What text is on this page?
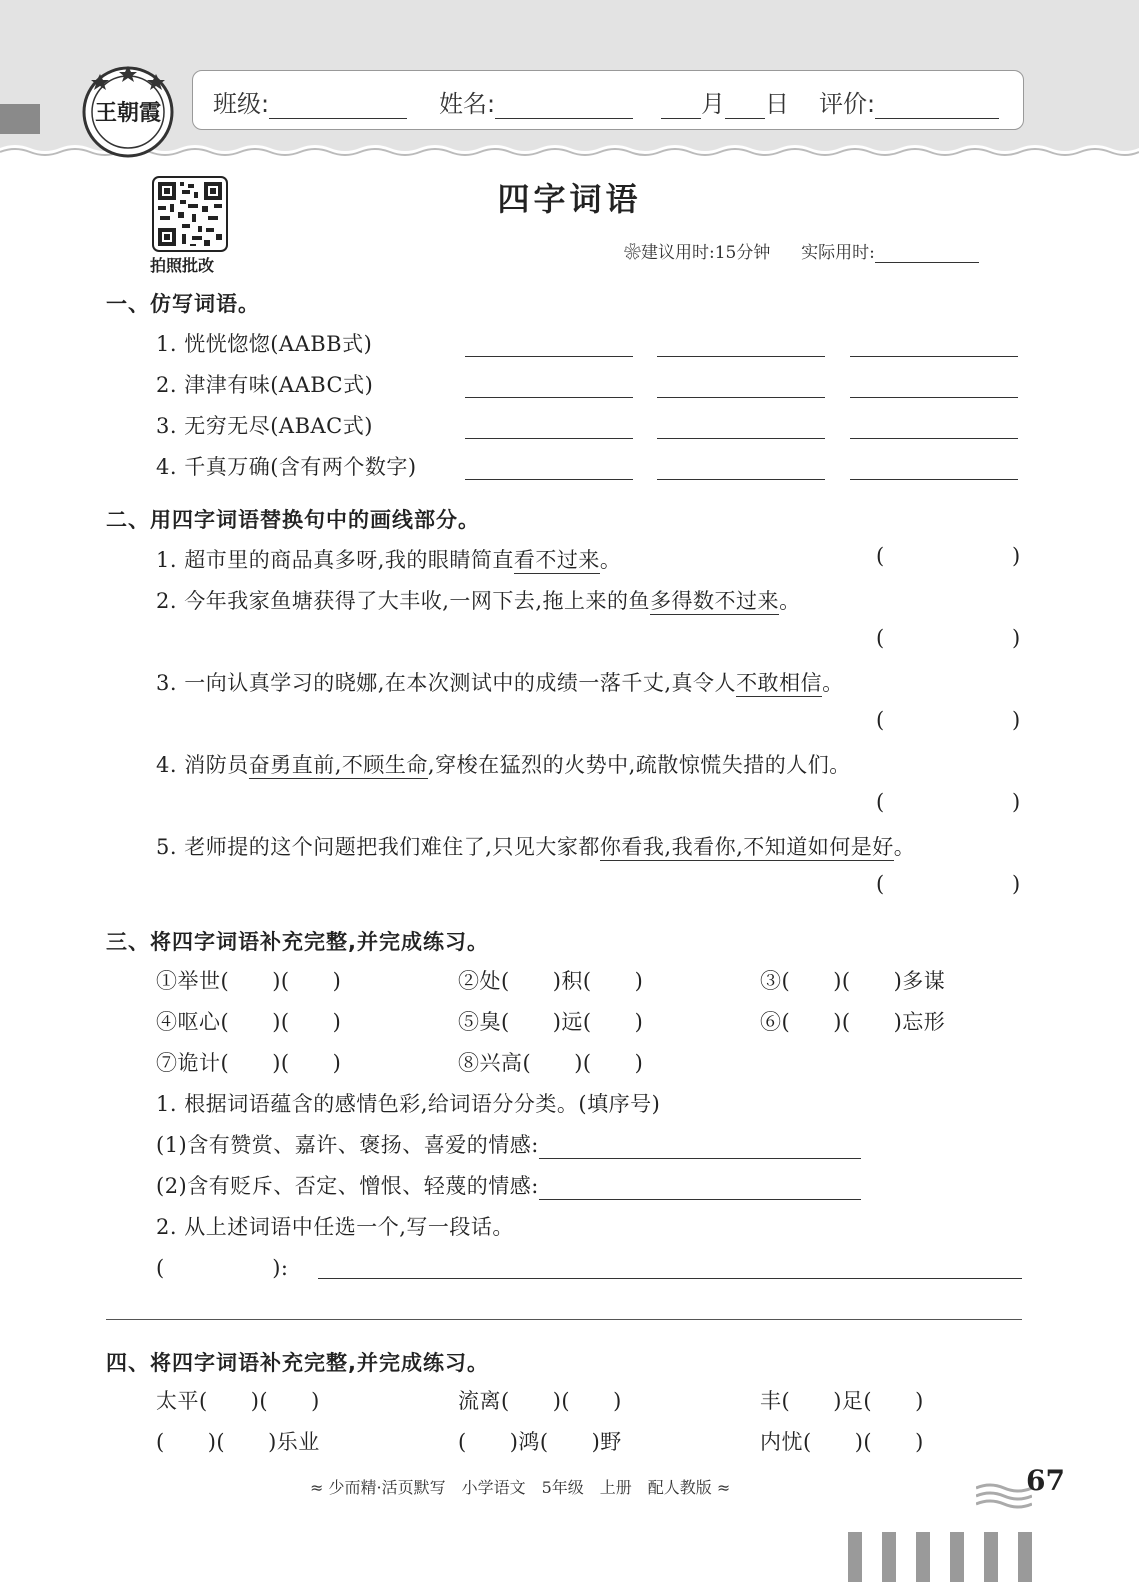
王朝霞 班级:	姓名:	月 日 评价:
拍照批改
四字词语
❀建议用时:15分钟 实际用时:
一、仿写词语。
1. 恍恍惚惚(AABB式)
2. 津津有味(AABC式)
3. 无穷无尽(ABAC式)
4. 千真万确(含有两个数字)
二、用四字词语替换句中的画线部分。
1. 超市里的商品真多呀,我的眼睛简直看不过来。	(	)
2. 今年我家鱼塘获得了大丰收,一网下去,拖上来的鱼多得数不过来。
(	)
3. 一向认真学习的晓娜,在本次测试中的成绩一落千丈,真令人不敢相信。
(	)
4. 消防员奋勇直前,不顾生命,穿梭在猛烈的火势中,疏散惊慌失措的人们。
(	)
5. 老师提的这个问题把我们难住了,只见大家都你看我,我看你,不知道如何是好。
(	)
三、将四字词语补充完整,并完成练习。
①举世(　　)(　　)	②处(　　)积(　　)	③(　　)(　　)多谋
④呕心(　　)(　　)	⑤臭(　　)远(　　)	⑥(　　)(　　)忘形
⑦诡计(　　)(　　)	⑧兴高(　　)(　　)
1. 根据词语蕴含的感情色彩,给词语分分类。(填序号)
(1)含有赞赏、嘉许、褒扬、喜爱的情感:
(2)含有贬斥、否定、憎恨、轻蔑的情感:
2. 从上述词语中任选一个,写一段话。
(　　　　　):
四、将四字词语补充完整,并完成练习。
太平(　　)(　　)	流离(　　)(　　)	丰(　　)足(　　)
(　　)(　　)乐业	(　　)鸿(　　)野	内忧(　　)(　　)
≈ 少而精·活页默写　小学语文　5年级　上册　配人教版 ≈	67
